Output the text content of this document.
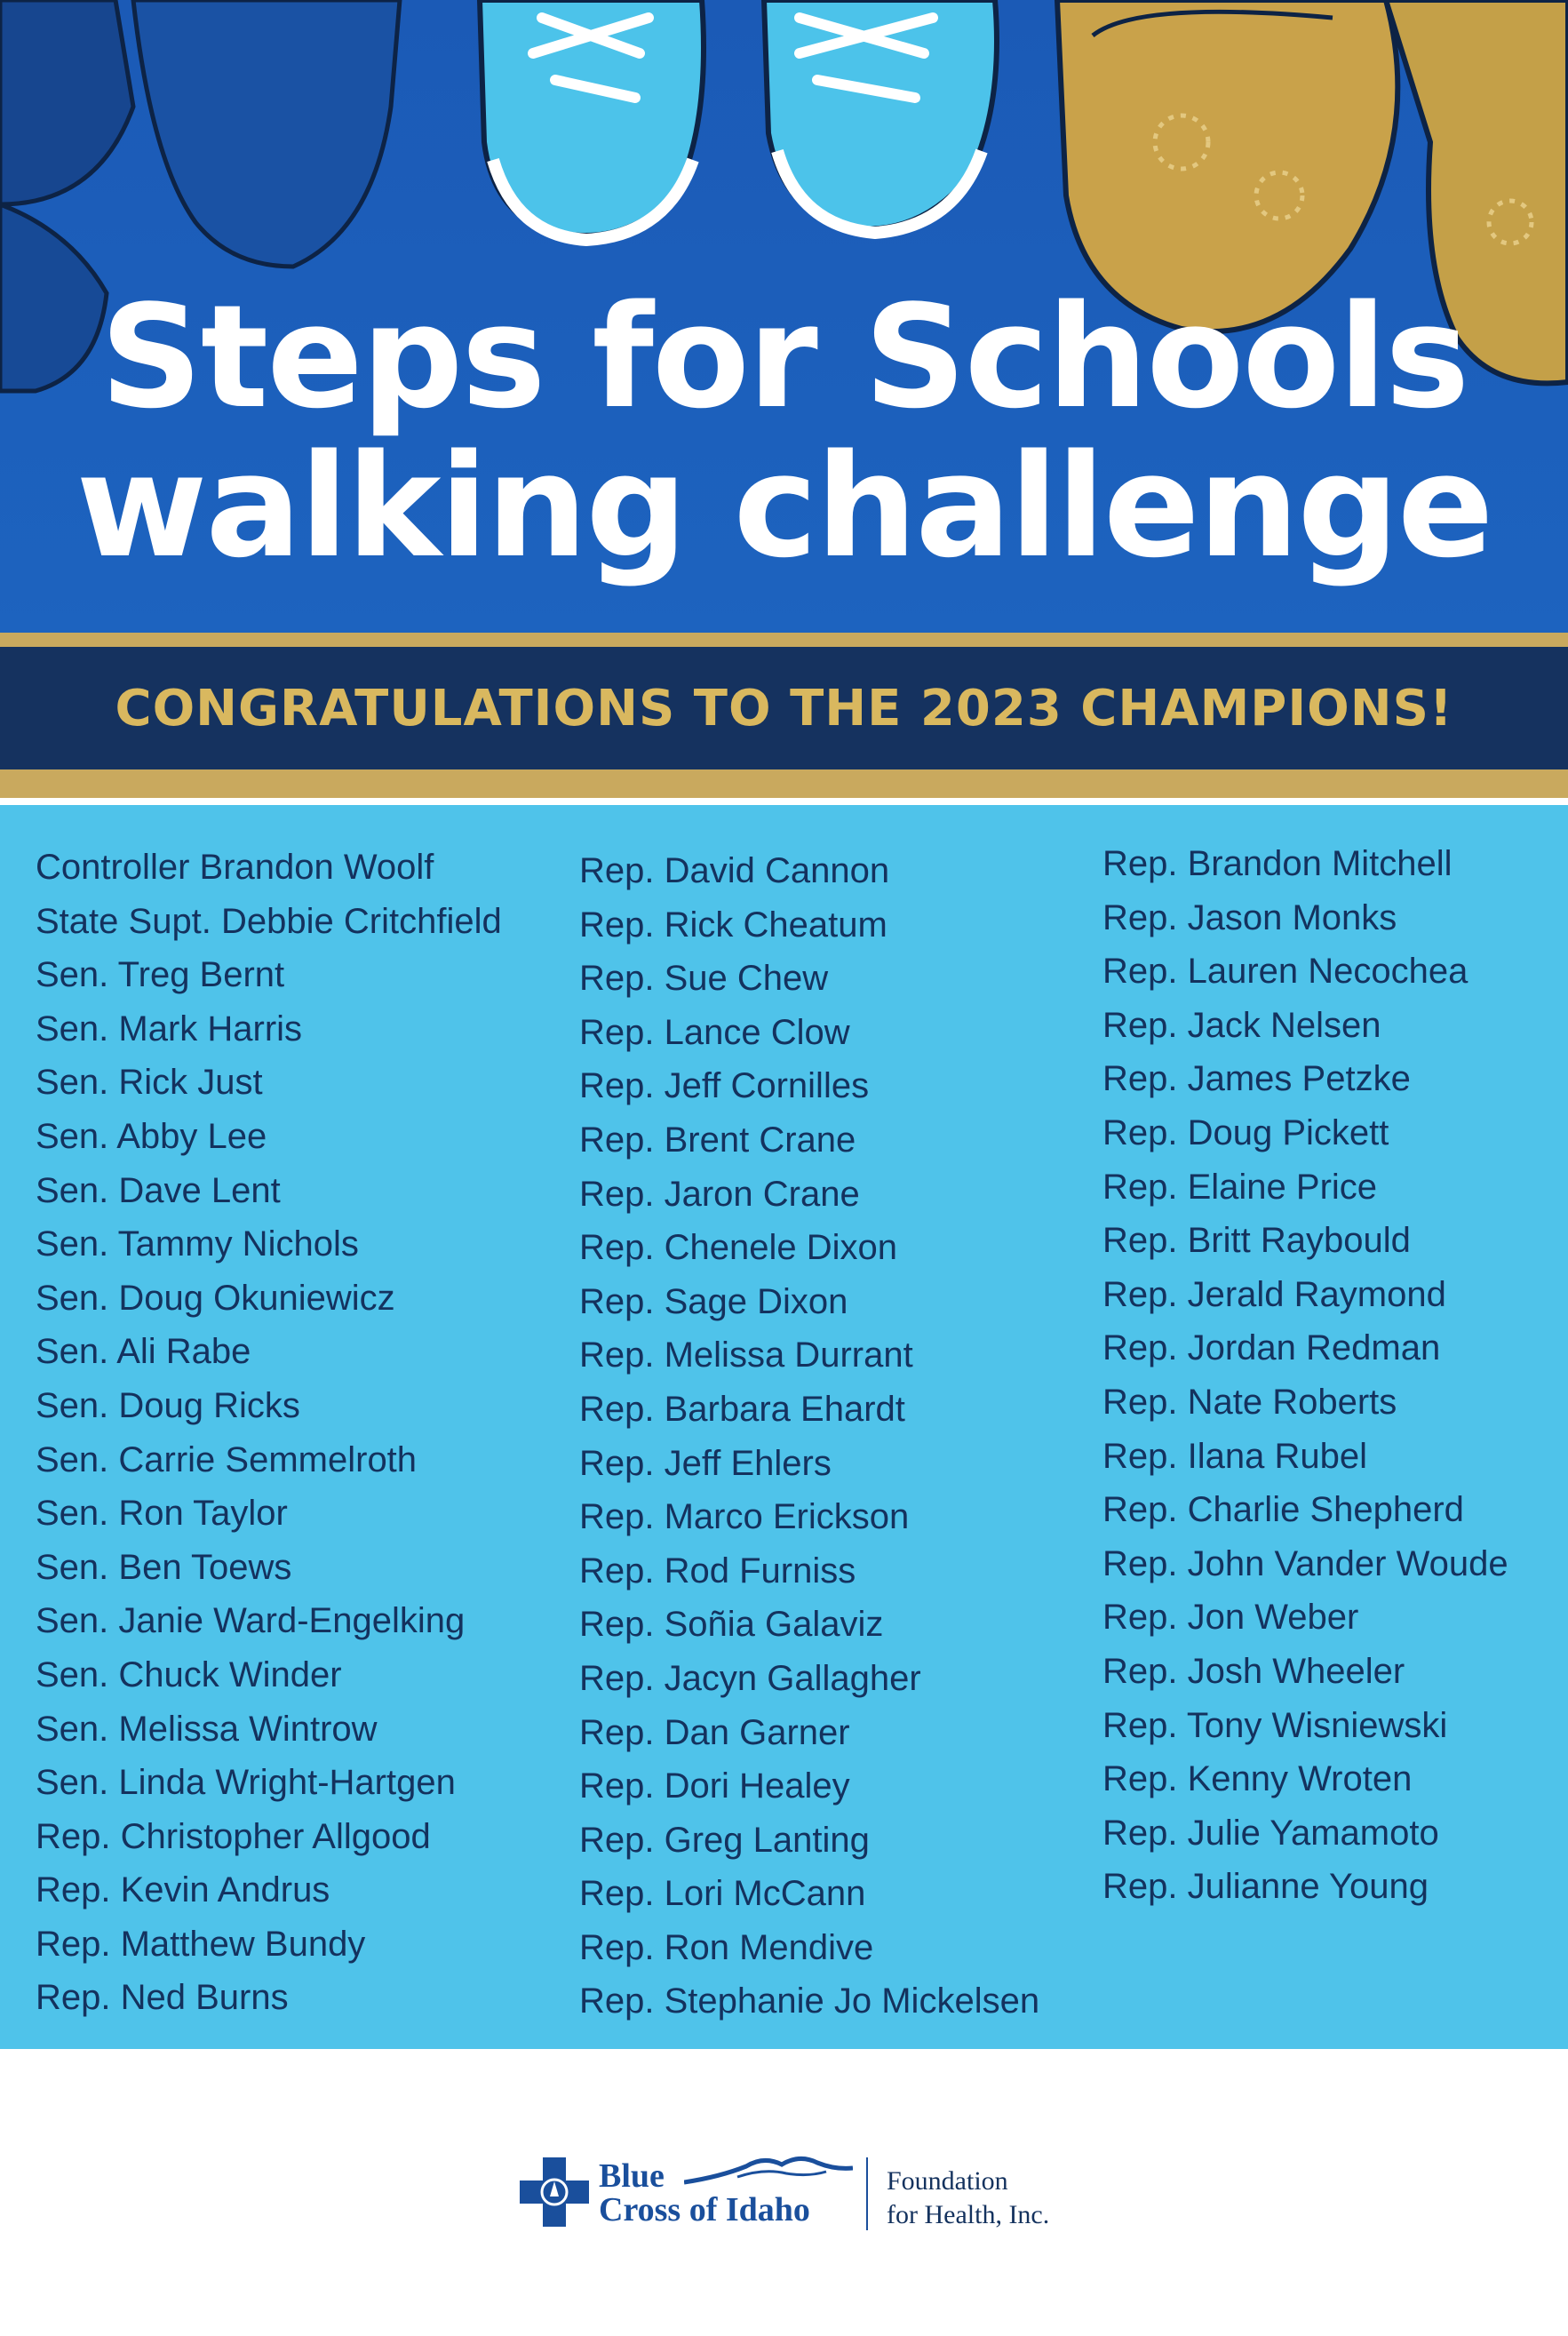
Steps for Schools
walking challenge
CONGRATULATIONS TO THE 2023 CHAMPIONS!
Controller Brandon Woolf
State Supt. Debbie Critchfield
Sen. Treg Bernt
Sen. Mark Harris
Sen. Rick Just
Sen. Abby Lee
Sen. Dave Lent
Sen. Tammy Nichols
Sen. Doug Okuniewicz
Sen. Ali Rabe
Sen. Doug Ricks
Sen. Carrie Semmelroth
Sen. Ron Taylor
Sen. Ben Toews
Sen. Janie Ward-Engelking
Sen. Chuck Winder
Sen. Melissa Wintrow
Sen. Linda Wright-Hartgen
Rep. Christopher Allgood
Rep. Kevin Andrus
Rep. Matthew Bundy
Rep. Ned Burns
Rep. David Cannon
Rep. Rick Cheatum
Rep. Sue Chew
Rep. Lance Clow
Rep. Jeff Cornilles
Rep. Brent Crane
Rep. Jaron Crane
Rep. Chenele Dixon
Rep. Sage Dixon
Rep. Melissa Durrant
Rep. Barbara Ehardt
Rep. Jeff Ehlers
Rep. Marco Erickson
Rep. Rod Furniss
Rep. Soñia Galaviz
Rep. Jacyn Gallagher
Rep. Dan Garner
Rep. Dori Healey
Rep. Greg Lanting
Rep. Lori McCann
Rep. Ron Mendive
Rep. Stephanie Jo Mickelsen
Rep. Brandon Mitchell
Rep. Jason Monks
Rep. Lauren Necochea
Rep. Jack Nelsen
Rep. James Petzke
Rep. Doug Pickett
Rep. Elaine Price
Rep. Britt Raybould
Rep. Jerald Raymond
Rep. Jordan Redman
Rep. Nate Roberts
Rep. Ilana Rubel
Rep. Charlie Shepherd
Rep. John Vander Woude
Rep. Jon Weber
Rep. Josh Wheeler
Rep. Tony Wisniewski
Rep. Kenny Wroten
Rep. Julie Yamamoto
Rep. Julianne Young
Blue
Cross of Idaho
Foundation
for Health, Inc.
